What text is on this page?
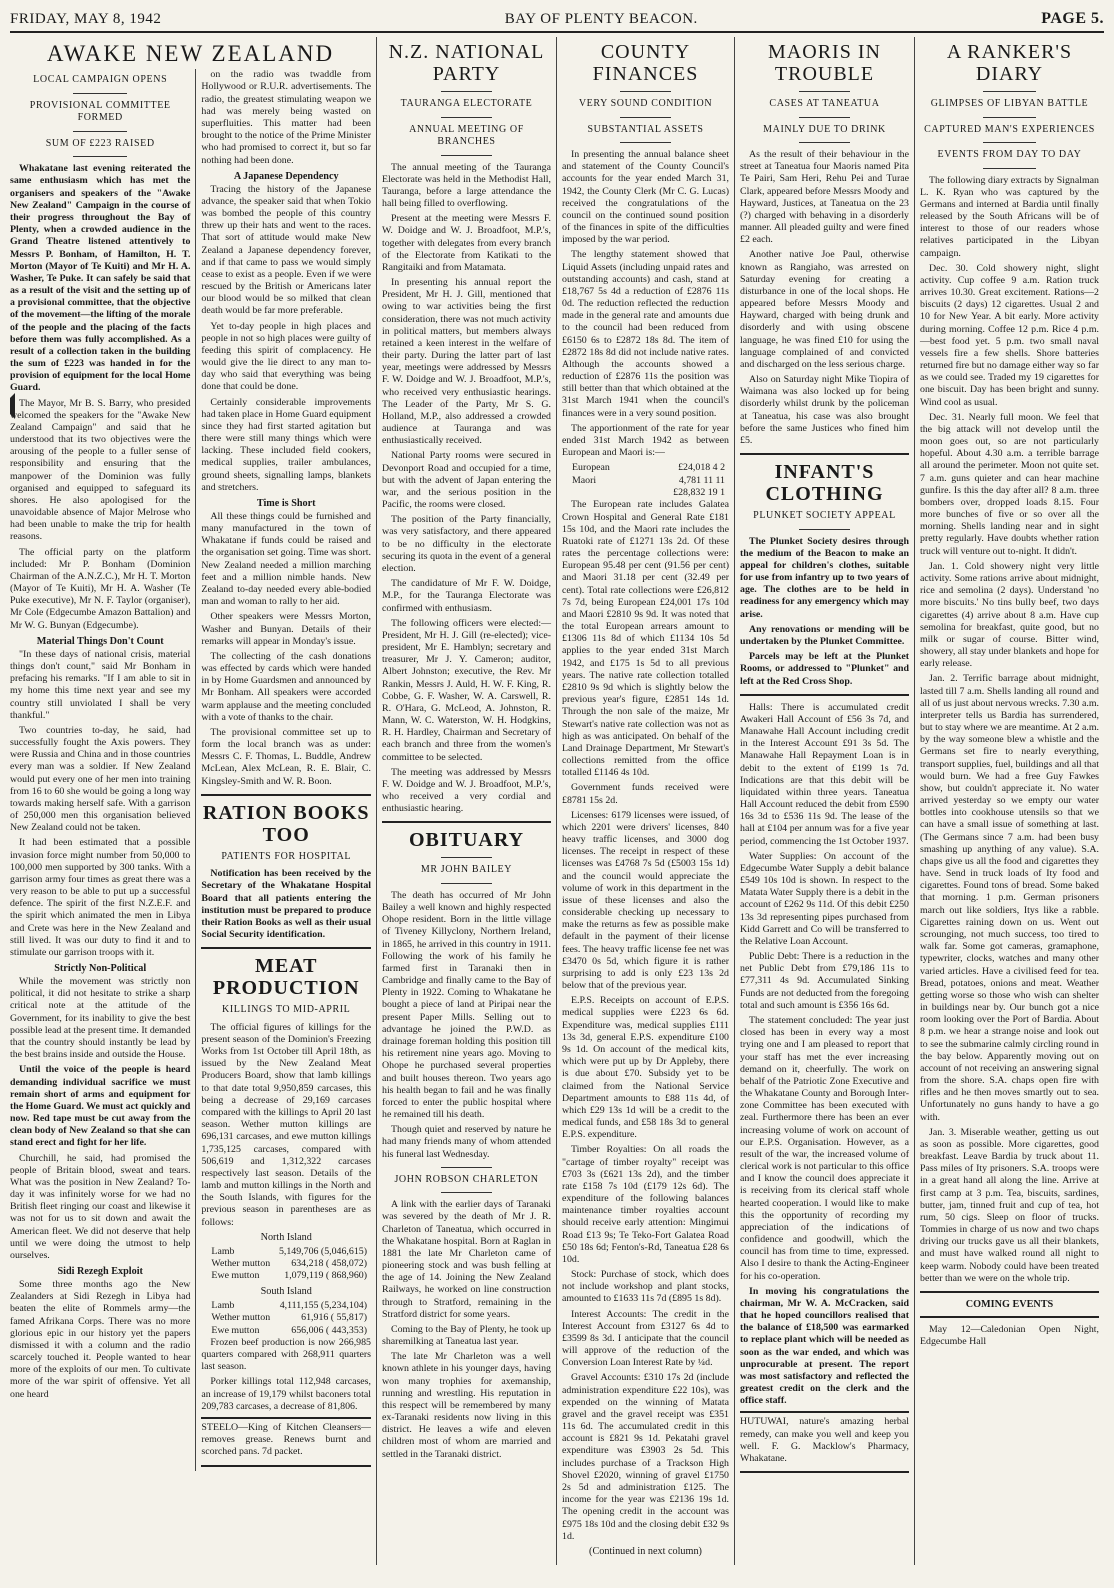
FRIDAY, MAY 8, 1942	BAY OF PLENTY BEACON.	PAGE 5.
AWAKE NEW ZEALAND
LOCAL CAMPAIGN OPENS
PROVISIONAL COMMITTEE FORMED
SUM OF £223 RAISED

Whakatane last evening reiterated the same enthusiasm which has met the organisers and speakers of the "Awake New Zealand" Campaign in the course of their progress throughout the Bay of Plenty, when a crowded audience in the Grand Theatre listened attentively to Messrs P. Bonham, of Hamilton, H. T. Morton (Mayor of Te Kuiti) and Mr H. A. Washer, Te Puke. It can safely be said that as a result of the visit and the setting up of a provisional committee, that the objective of the movement—the lifting of the morale of the people and the placing of the facts before them was fully accomplished. As a result of a collection taken in the building the sum of £223 was handed in for the provision of equipment for the local Home Guard.

The Mayor, Mr B. S. Barry, who presided welcomed the speakers for the "Awake New Zealand Campaign" and said that he understood that its two objectives were the arousing of the people to a fuller sense of responsibility and ensuring that the manpower of the Dominion was fully organised and equipped to safeguard its shores. He also apologised for the unavoidable absence of Major Melrose who had been unable to make the trip for health reasons.

The official party on the platform included: Mr P. Bonham (Dominion Chairman of the A.N.Z.C.), Mr H. T. Morton (Mayor of Te Kuiti), Mr H. A. Washer (Te Puke executive), Mr N. F. Taylor (organiser), Mr Cole (Edgecumbe Amazon Battalion) and Mr W. G. Bunyan (Edgecumbe).

Material Things Don't Count

"In these days of national crisis, material things don't count," said Mr Bonham in prefacing his remarks. "If I am able to sit in my home this time next year and see my country still unviolated I shall be very thankful."

Two countries to-day, he said, had successfully fought the Axis powers. They were Russia and China and in those countries every man was a soldier. If New Zealand would put every one of her men into training from 16 to 60 she would be going a long way towards making herself safe. With a garrison of 250,000 men this organisation believed New Zealand could not be taken.

It had been estimated that a possible invasion force might number from 50,000 to 100,000 men supported by 300 tanks. With a garrison army four times as great there was a very reason to be able to put up a successful defence. The spirit of the first N.Z.E.F. and the spirit which animated the men in Libya and Crete was here in the New Zealand and still lived. It was our duty to find it and to stimulate our garrison troops with it.

Strictly Non-Political

While the movement was strictly non political, it did not hesitate to strike a sharp critical note at the attitude of the Government, for its inability to give the best possible lead at the present time. It demanded that the country should instantly be lead by the best brains inside and outside the House.

Until the voice of the people is heard demanding individual sacrifice we must remain short of arms and equipment for the Home Guard. We must act quickly and now. Red tape must be cut away from the clean body of New Zealand so that she can stand erect and fight for her life.

Churchill, he said, had promised the people of Britain blood, sweat and tears. What was the position in New Zealand? To-day it was infinitely worse for we had no British fleet ringing our coast and likewise it was not for us to sit down and await the American fleet. We did not deserve that help until we were doing the utmost to help ourselves.

Sidi Rezegh Exploit

Some three months ago the New Zealanders at Sidi Rezegh in Libya had beaten the elite of Rommels army—the famed Afrikana Corps. There was no more glorious epic in our history yet the papers dismissed it with a column and the radio scarcely touched it. People wanted to hear more of the exploits of our men. To cultivate more of the war spirit of offensive. Yet all one heard

on the radio was twaddle from Hollywood or R.U.R. advertisements. The radio, the greatest stimulating weapon we had was merely being wasted on superfluities. This matter had been brought to the notice of the Prime Minister who had promised to correct it, but so far nothing had been done.

A Japanese Dependency

Tracing the history of the Japanese advance, the speaker said that when Tokio was bombed the people of this country threw up their hats and went to the races. That sort of attitude would make New Zealand a Japanese dependency forever, and if that came to pass we would simply cease to exist as a people. Even if we were rescued by the British or Americans later our blood would be so milked that clean death would be far more preferable.

Yet to-day people in high places and people in not so high places were guilty of feeding this spirit of complacency. He would give the lie direct to any man to-day who said that everything was being done that could be done.

Certainly considerable improvements had taken place in Home Guard equipment since they had first started agitation but there were still many things which were lacking. These included field cookers, medical supplies, trailer ambulances, ground sheets, signalling lamps, blankets and stretchers.

Time is Short

All these things could be furnished and many manufactured in the town of Whakatane if funds could be raised and the organisation set going. Time was short. New Zealand needed a million marching feet and a million nimble hands. New Zealand to-day needed every able-bodied man and woman to rally to her aid.

Other speakers were Messrs Morton, Washer and Bunyan. Details of their remarks will appear in Monday's issue.

The collecting of the cash donations was effected by cards which were handed in by Home Guardsmen and announced by Mr Bonham. All speakers were accorded warm applause and the meeting concluded with a vote of thanks to the chair.

The provisional committee set up to form the local branch was as under: Messrs C. F. Thomas, L. Buddle, Andrew McLean, Alex McLean, R. E. Blair, C. Kingsley-Smith and W. R. Boon.

RATION BOOKS TOO
PATIENTS FOR HOSPITAL

Notification has been received by the Secretary of the Whakatane Hospital Board that all patients entering the institution must be prepared to produce their Ration Books as well as their usual Social Security identification.

MEAT PRODUCTION
KILLINGS TO MID-APRIL

The official figures of killings for the present season of the Dominion's Freezing Works from 1st October till April 18th, as issued by the New Zealand Meat Producers Board, show that lamb killings to that date total 9,950,859 carcases, this being a decrease of 29,169 carcases compared with the killings to April 20 last season. Wether mutton killings are 696,131 carcases, and ewe mutton killings 1,735,125 carcases, compared with 506,619 and 1,312,322 carcases respectively last season. Details of the lamb and mutton killings in the North and the South Islands, with figures for the previous season in parentheses are as follows:

North Island
Lamb	5,149,706 (5,046,615)
Wether mutton 634,218 ( 458,072)
Ewe mutton	1,079,119 ( 868,960)
South Island
Lamb	4,111,155 (5,234,104)
Wether mutton	61,916 ( 55,817)
Ewe mutton	656,006 ( 443,353)

Frozen beef production is now 266,985 quarters compared with 268,911 quarters last season.

Porker killings total 112,948 carcases, an increase of 19,179 whilst baconers total 209,783 carcases, a decrease of 81,806.

STEELO—King of Kitchen Cleansers—removes grease. Renews burnt and scorched pans. 7d packet.

N.Z. NATIONAL PARTY
TAURANGA ELECTORATE
ANNUAL MEETING OF BRANCHES

The annual meeting of the Tauranga Electorate was held in the Methodist Hall, Tauranga, before a large attendance the hall being filled to overflowing.

Present at the meeting were Messrs F. W. Doidge and W. J. Broadfoot, M.P.'s, together with delegates from every branch of the Electorate from Katikati to the Rangitaiki and from Matamata.

In presenting his annual report the President, Mr H. J. Gill, mentioned that owing to war activities being the first consideration, there was not much activity in political matters, but members always retained a keen interest in the welfare of their party. During the latter part of last year, meetings were addressed by Messrs F. W. Doidge and W. J. Broadfoot, M.P.'s, who received very enthusiastic hearings. The Leader of the Party, Mr S. G. Holland, M.P., also addressed a crowded audience at Tauranga and was enthusiastically received.

National Party rooms were secured in Devonport Road and occupied for a time, but with the advent of Japan entering the war, and the serious position in the Pacific, the rooms were closed.

The position of the Party financially, was very satisfactory, and there appeared to be no difficulty in the electorate securing its quota in the event of a general election.

The candidature of Mr F. W. Doidge, M.P., for the Tauranga Electorate was confirmed with enthusiasm.

The following officers were elected:—President, Mr H. J. Gill (re-elected); vice-president, Mr E. Hamblyn; secretary and treasurer, Mr J. Y. Cameron; auditor, Albert Johnston; executive, the Rev. Mr Rankin, Messrs J. Auld, H. W. F. King, R. Cobbe, G. F. Washer, W. A. Carswell, R. R. O'Hara, G. McLeod, A. Johnston, R. Mann, W. C. Waterston, W. H. Hodgkins, R. H. Hardley, Chairman and Secretary of each branch and three from the women's committee to be selected.

The meeting was addressed by Messrs F. W. Doidge and W. J. Broadfoot, M.P.'s, who received a very cordial and enthusiastic hearing.

OBITUARY
MR JOHN BAILEY

The death has occurred of Mr John Bailey a well known and highly respected Ohope resident. Born in the little village of Tiveney Killyclony, Northern Ireland, in 1865, he arrived in this country in 1911. Following the work of his family he farmed first in Taranaki then in Cambridge and finally came to the Bay of Plenty in 1922. Coming to Whakatane he bought a piece of land at Piripai near the present Paper Mills. Selling out to advantage he joined the P.W.D. as drainage foreman holding this position till his retirement nine years ago. Moving to Ohope he purchased several properties and built houses thereon. Two years ago his health began to fail and he was finally forced to enter the public hospital where he remained till his death.

Though quiet and reserved by nature he had many friends many of whom attended his funeral last Wednesday.

JOHN ROBSON CHARLETON

A link with the earlier days of Taranaki was severed by the death of Mr J. R. Charleton of Taneatua, which occurred in the Whakatane hospital. Born at Raglan in 1881 the late Mr Charleton came of pioneering stock and was bush felling at the age of 14. Joining the New Zealand Railways, he worked on line construction through to Stratford, remaining in the Stratford district for some years.

Coming to the Bay of Plenty, he took up sharemilking at Taneatua last year.

The late Mr Charleton was a well known athlete in his younger days, having won many trophies for axemanship, running and wrestling. His reputation in this respect will be remembered by many ex-Taranaki residents now living in this district. He leaves a wife and eleven children most of whom are married and settled in the Taranaki district.

COUNTY FINANCES
VERY SOUND CONDITION
SUBSTANTIAL ASSETS

In presenting the annual balance sheet and statement of the County Council's accounts for the year ended March 31, 1942, the County Clerk (Mr C. G. Lucas) received the congratulations of the council on the continued sound position of the finances in spite of the difficulties imposed by the war period.

The lengthy statement showed that Liquid Assets (including unpaid rates and outstanding accounts) and cash, stand at £18,767 5s 4d a reduction of £2876 11s 0d. The reduction reflected the reduction made in the general rate and amounts due to the council had been reduced from £6150 6s to £2872 18s 8d. The item of £2872 18s 8d did not include native rates. Although the accounts showed a reduction of £2876 11s the position was still better than that which obtained at the 31st March 1941 when the council's finances were in a very sound position.

The apportionment of the rate for year ended 31st March 1942 as between European and Maori is:—

European	£24,018 4 2
Maori	4,781 11 11
£28,832 19 1

The European rate includes Galatea Crown Hospital and General Rate £181 15s 10d, and the Maori rate includes the Ruatoki rate of £1271 13s 2d. Of these rates the percentage collections were: European 95.48 per cent (91.56 per cent) and Maori 31.18 per cent (32.49 per cent). Total rate collections were £26,812 7s 7d, being European £24,001 17s 10d and Maori £2810 9s 9d. It was noted that the total European arrears amount to £1306 11s 8d of which £1134 10s 5d applies to the year ended 31st March 1942, and £175 1s 5d to all previous years. The native rate collection totalled £2810 9s 9d which is slightly below the previous year's figure, £2851 14s 1d. Through the non sale of the maize, Mr Stewart's native rate collection was not as high as was anticipated. On behalf of the Land Drainage Department, Mr Stewart's collections remitted from the office totalled £1146 4s 10d.

Government funds received were £8781 15s 2d.

Licenses: 6179 licenses were issued, of which 2201 were drivers' licenses, 840 heavy traffic licenses, and 3000 dog licenses. The receipt in respect of these licenses was £4768 7s 5d (£5003 15s 1d) and the council would appreciate the volume of work in this department in the issue of these licenses and also the considerable checking up necessary to make the returns as few as possible make default in the payment of their license fees. The heavy traffic license fee net was £3470 0s 5d, which figure it is rather surprising to add is only £23 13s 2d below that of the previous year.

E.P.S. Receipts on account of E.P.S. medical supplies were £223 6s 6d. Expenditure was, medical supplies £111 13s 3d, general E.P.S. expenditure £100 9s 1d. On account of the medical kits, which were put up by Dr Appleby, there is due about £70. Subsidy yet to be claimed from the National Service Department amounts to £88 11s 4d, of which £29 13s 1d will be a credit to the medical funds, and £58 18s 3d to general E.P.S. expenditure.

Timber Royalties: On all roads the "cartage of timber royalty" receipt was £703 3s (£621 13s 2d), and the timber rate £158 7s 10d (£179 12s 6d). The expenditure of the following balances maintenance timber royalties account should receive early attention: Mingimui Road £13 9s; Te Teko-Fort Galatea Road £50 18s 6d; Fenton's-Rd, Taneatua £28 6s 10d.

Stock: Purchase of stock, which does not include workshop and plant stocks, amounted to £1633 11s 7d (£895 1s 8d).

Interest Accounts: The credit in the Interest Account from £3127 6s 4d to £3599 8s 3d. I anticipate that the council will approve of the reduction of the Conversion Loan Interest Rate by ¼d.

Gravel Accounts: £310 17s 2d (include administration expenditure £22 10s), was expended on the winning of Matata gravel and the gravel receipt was £351 11s 6d. The accumulated credit in this account is £821 9s 1d. Pekatahi gravel expenditure was £3903 2s 5d. This includes purchase of a Trackson High Shovel £2020, winning of gravel £1750 2s 5d and administration £125. The income for the year was £2136 19s 1d. The opening credit in the account was £975 18s 10d and the closing debit £32 9s 1d.

(Continued in next column)
MAORIS IN TROUBLE
CASES AT TANEATUA
MAINLY DUE TO DRINK

As the result of their behaviour in the street at Taneatua four Maoris named Pita Te Pairi, Sam Heri, Rehu Pei and Turae Clark, appeared before Messrs Moody and Hayward, Justices, at Taneatua on the 23 (?) charged with behaving in a disorderly manner. All pleaded guilty and were fined £2 each.

Another native Joe Paul, otherwise known as Rangiaho, was arrested on Saturday evening for creating a disturbance in one of the local shops. He appeared before Messrs Moody and Hayward, charged with being drunk and disorderly and with using obscene language, he was fined £10 for using the language complained of and convicted and discharged on the less serious charge.

Also on Saturday night Mike Tiopira of Waimana was also locked up for being disorderly whilst drunk by the policeman at Taneatua, his case was also brought before the same Justices who fined him £5.

INFANT'S CLOTHING
PLUNKET SOCIETY APPEAL

The Plunket Society desires through the medium of the Beacon to make an appeal for children's clothes, suitable for use from infantry up to two years of age. The clothes are to be held in readiness for any emergency which may arise.

Any renovations or mending will be undertaken by the Plunket Committee.

Parcels may be left at the Plunket Rooms, or addressed to "Plunket" and left at the Red Cross Shop.

Halls: There is accumulated credit Awakeri Hall Account of £56 3s 7d, and Manawahe Hall Account including credit in the Interest Account £91 3s 5d. The Manawahe Hall Repayment Loan is in debit to the extent of £199 1s 7d. Indications are that this debit will be liquidated within three years. Taneatua Hall Account reduced the debit from £590 16s 3d to £536 11s 9d. The lease of the hall at £104 per annum was for a five year period, commencing the 1st October 1937.

Water Supplies: On account of the Edgecumbe Water Supply a debit balance £549 10s 10d is shown. In respect to the Matata Water Supply there is a debit in the account of £262 9s 11d. Of this debit £250 13s 3d representing pipes purchased from Kidd Garrett and Co will be transferred to the Relative Loan Account.

Public Debt: There is a reduction in the net Public Debt from £79,186 11s to £77,311 4s 9d. Accumulated Sinking Funds are not deducted from the foregoing total and such amount is £356 16s 6d.

The statement concluded: The year just closed has been in every way a most trying one and I am pleased to report that your staff has met the ever increasing demand on it, cheerfully. The work on behalf of the Patriotic Zone Executive and the Whakatane County and Borough Inter-zone Committee has been executed with zeal. Furthermore there has been an ever increasing volume of work on account of our E.P.S. Organisation. However, as a result of the war, the increased volume of clerical work is not particular to this office and I know the council does appreciate it is receiving from its clerical staff whole hearted cooperation. I would like to make this the opportunity of recording my appreciation of the indications of confidence and goodwill, which the council has from time to time, expressed. Also I desire to thank the Acting-Engineer for his co-operation.

In moving his congratulations the chairman, Mr W. A. McCracken, said that he hoped councillors realised that the balance of £18,500 was earmarked to replace plant which will be needed as soon as the war ended, and which was unprocurable at present. The report was most satisfactory and reflected the greatest credit on the clerk and the office staff.

HUTUWAI, nature's amazing herbal remedy, can make you well and keep you well. F. G. Macklow's Pharmacy, Whakatane.

A RANKER'S DIARY
GLIMPSES OF LIBYAN BATTLE
CAPTURED MAN'S EXPERIENCES
EVENTS FROM DAY TO DAY

The following diary extracts by Signalman L. K. Ryan who was captured by the Germans and interned at Bardia until finally released by the South Africans will be of interest to those of our readers whose relatives participated in the Libyan campaign.

Dec. 30. Cold showery night, slight activity. Cup coffee 9 a.m. Ration truck arrives 10.30. Great excitement. Rations—2 biscuits (2 days) 12 cigarettes. Usual 2 and 10 for New Year. A bit early. More activity during morning. Coffee 12 p.m. Rice 4 p.m.—best food yet. 5 p.m. two small naval vessels fire a few shells. Shore batteries returned fire but no damage either way so far as we could see. Traded my 19 cigarettes for one biscuit. Day has been bright and sunny. Wind cool as usual.

Dec. 31. Nearly full moon. We feel that the big attack will not develop until the moon goes out, so are not particularly hopeful. About 4.30 a.m. a terrible barrage all around the perimeter. Moon not quite set. 7 a.m. guns quieter and can hear machine gunfire. Is this the day after all? 8 a.m. three bombers over, dropped loads 8.15. Four more bunches of five or so over all the morning. Shells landing near and in sight pretty regularly. Have doubts whether ration truck will venture out to-night. It didn't.

Jan. 1. Cold showery night very little activity. Some rations arrive about midnight, rice and semolina (2 days). Understand 'no more biscuits.' No tins bully beef, two days cigarettes (4) arrive about 8 a.m. Have cup semolina for breakfast, quite good, but no milk or sugar of course. Bitter wind, showery, all stay under blankets and hope for early release.

Jan. 2. Terrific barrage about midnight, lasted till 7 a.m. Shells landing all round and all of us just about nervous wrecks. 7.30 a.m. interpreter tells us Bardia has surrendered, but to stay where we are meantime. At 2 a.m. by the way someone blew a whistle and the Germans set fire to nearly everything, transport supplies, fuel, buildings and all that would burn. We had a free Guy Fawkes show, but couldn't appreciate it. No water arrived yesterday so we empty our water bottles into cookhouse utensils so that we can have a small issue of something at last. (The Germans since 7 a.m. had been busy smashing up anything of any value). S.A. chaps give us all the food and cigarettes they have. Send in truck loads of Ity food and cigarettes. Found tons of bread. Some baked that morning. 1 p.m. German prisoners march out like soldiers, Itys like a rabble. Cigarettes raining down on us. Went out scrounging, not much success, too tired to walk far. Some got cameras, gramaphone, typewriter, clocks, watches and many other varied articles. Have a civilised feed for tea. Bread, potatoes, onions and meat. Weather getting worse so those who wish can shelter in buildings near by. Our bunch got a nice room looking over the Port of Bardia. About 8 p.m. we hear a strange noise and look out to see the submarine calmly circling round in the bay below. Apparently moving out on account of not receiving an answering signal from the shore. S.A. chaps open fire with rifles and he then moves smartly out to sea. Unfortunately no guns handy to have a go with.

Jan. 3. Miserable weather, getting us out as soon as possible. More cigarettes, good breakfast. Leave Bardia by truck about 11. Pass miles of Ity prisoners. S.A. troops were in a great hand all along the line. Arrive at first camp at 3 p.m. Tea, biscuits, sardines, butter, jam, tinned fruit and cup of tea, hot rum, 50 cigs. Sleep on floor of trucks. Tommies in charge of us now and two chaps driving our trucks gave us all their blankets, and must have walked round all night to keep warm. Nobody could have been treated better than we were on the whole trip.

COMING EVENTS

May 12—Caledonian Open Night, Edgecumbe Hall
